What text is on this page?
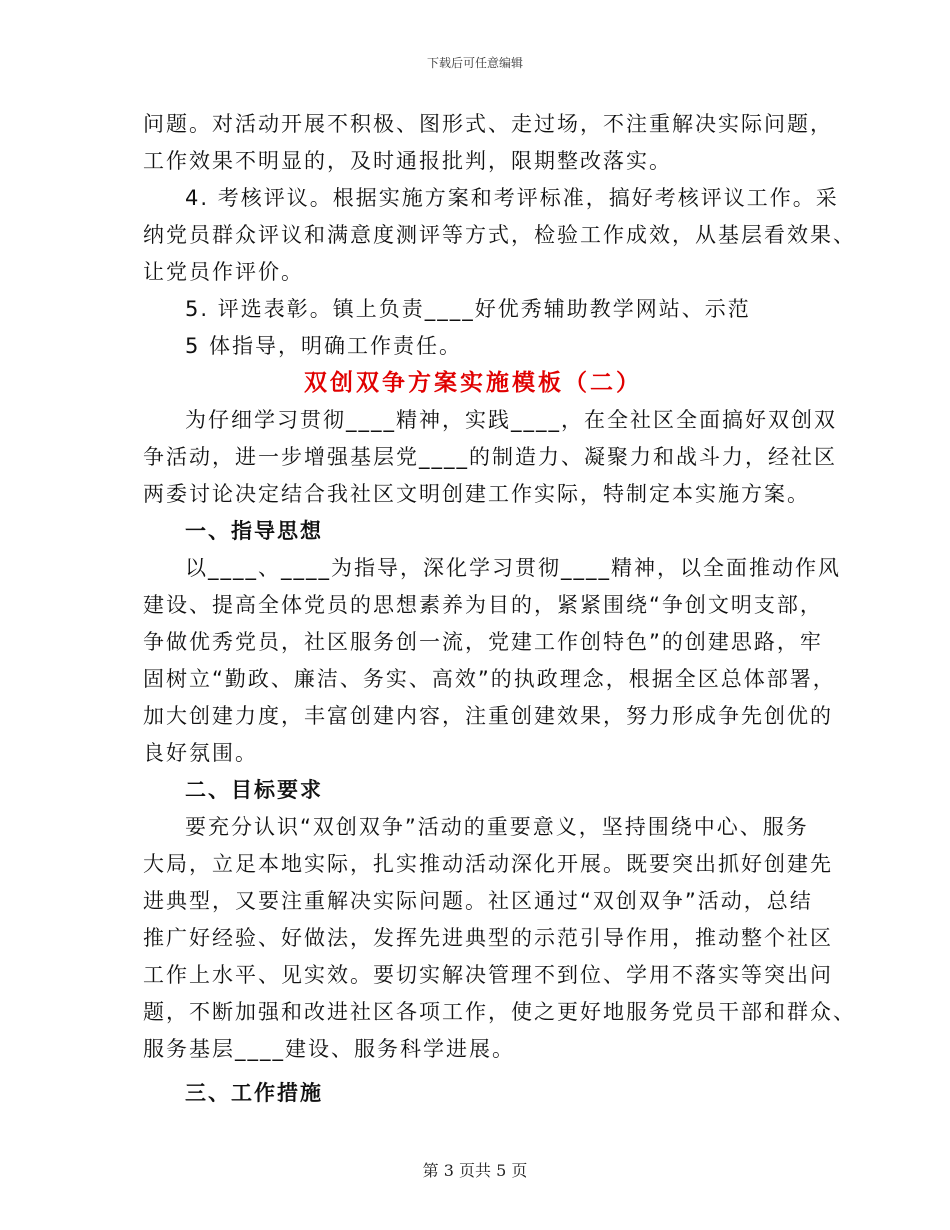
下载后可任意编辑
问题。对活动开展不积极、图形式、走过场，不注重解决实际问题，
工作效果不明显的，及时通报批判，限期整改落实。
4. 考核评议。根据实施方案和考评标准，搞好考核评议工作。采
纳党员群众评议和满意度测评等方式，检验工作成效，从基层看效果、
让党员作评价。
5. 评选表彰。镇上负责____好优秀辅助教学网站、示范
5 体指导，明确工作责任。
双创双争方案实施模板（二）
为仔细学习贯彻____精神，实践____，在全社区全面搞好双创双
争活动，进一步增强基层党____的制造力、凝聚力和战斗力，经社区
两委讨论决定结合我社区文明创建工作实际，特制定本实施方案。
一、指导思想
以____、____为指导，深化学习贯彻____精神，以全面推动作风
建设、提高全体党员的思想素养为目的，紧紧围绕“争创文明支部，
争做优秀党员，社区服务创一流，党建工作创特色”的创建思路，牢
固树立“勤政、廉洁、务实、高效”的执政理念，根据全区总体部署，
加大创建力度，丰富创建内容，注重创建效果，努力形成争先创优的
良好氛围。
二、目标要求
要充分认识“双创双争”活动的重要意义，坚持围绕中心、服务
大局，立足本地实际，扎实推动活动深化开展。既要突出抓好创建先
进典型，又要注重解决实际问题。社区通过“双创双争”活动，总结
推广好经验、好做法，发挥先进典型的示范引导作用，推动整个社区
工作上水平、见实效。要切实解决管理不到位、学用不落实等突出问
题，不断加强和改进社区各项工作，使之更好地服务党员干部和群众、
服务基层____建设、服务科学进展。
三、工作措施
第 3 页共 5 页
